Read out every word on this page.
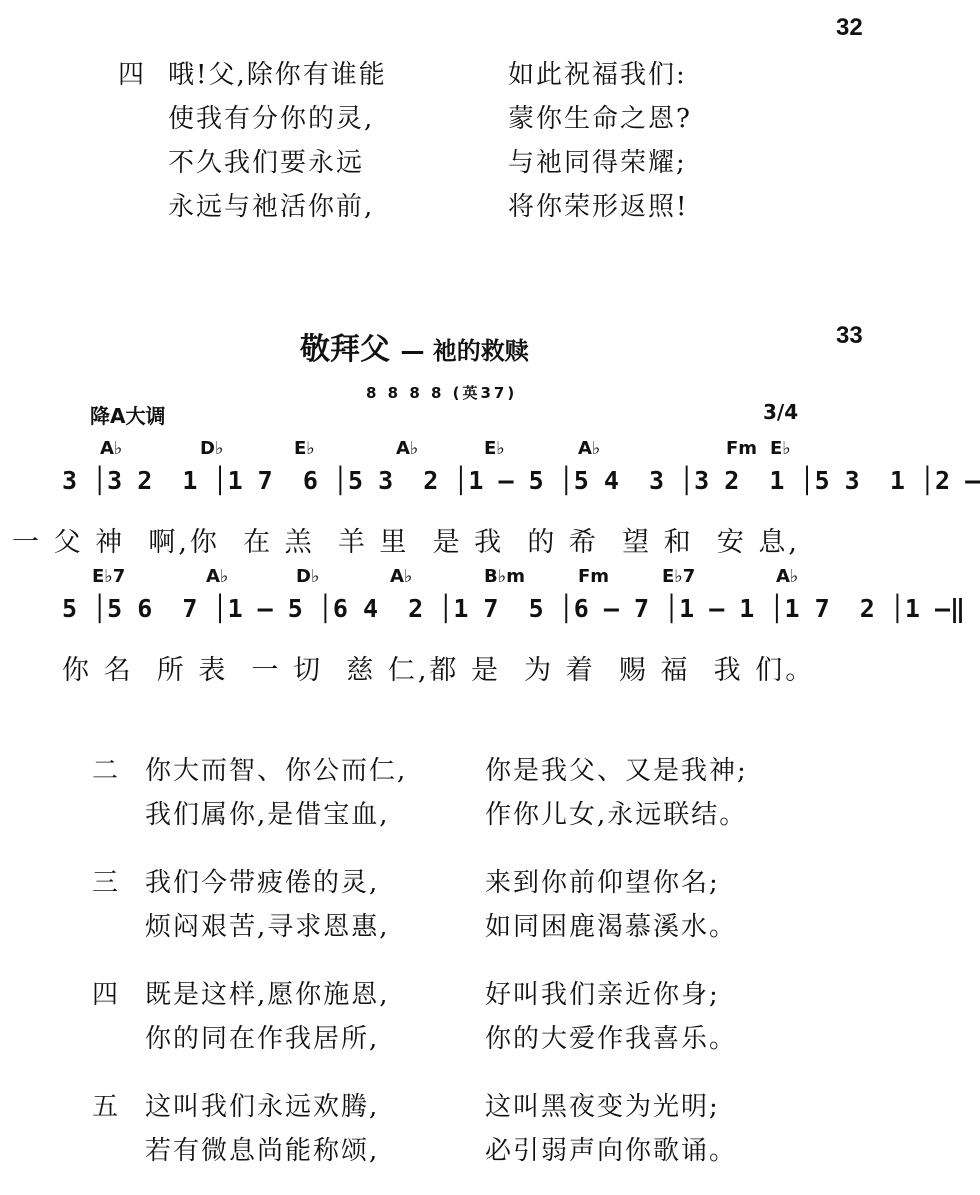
32
33
四 哦!父,除你有谁能	如此祝福我们:
使我有分你的灵,	蒙你生命之恩?
不久我们要永远	与祂同得荣耀;
永远与祂活你前,	将你荣形返照!
敬拜父 — 祂的救赎
8 8 8 8 (英37)
降A大调	3/4
A♭	D♭	E♭	A♭	E♭	A♭	Fm E♭
3 │3 2  1 │1 7  6 │5 3  2 │1 — 5 │5 4  3 │3 2  1 │5 3  1 │2 —
一 父 神  啊,你  在 羔  羊 里  是 我  的 希  望 和  安 息,
E♭7	A♭	D♭	A♭	B♭m	Fm	E♭7	A♭
5 │5 6  7 │1 — 5 │6 4  2 │1 7  5 │6 — 7 │1 — 1 │1 7  2 │1 —‖
你 名  所 表  一 切  慈 仁,都 是  为 着  赐 福  我 们。
二 你大而智、你公而仁,	你是我父、又是我神;
我们属你,是借宝血,	作你儿女,永远联结。
三 我们今带疲倦的灵,	来到你前仰望你名;
烦闷艰苦,寻求恩惠,	如同困鹿渴慕溪水。
四 既是这样,愿你施恩,	好叫我们亲近你身;
你的同在作我居所,	你的大爱作我喜乐。
五 这叫我们永远欢腾,	这叫黑夜变为光明;
若有微息尚能称颂,	必引弱声向你歌诵。
